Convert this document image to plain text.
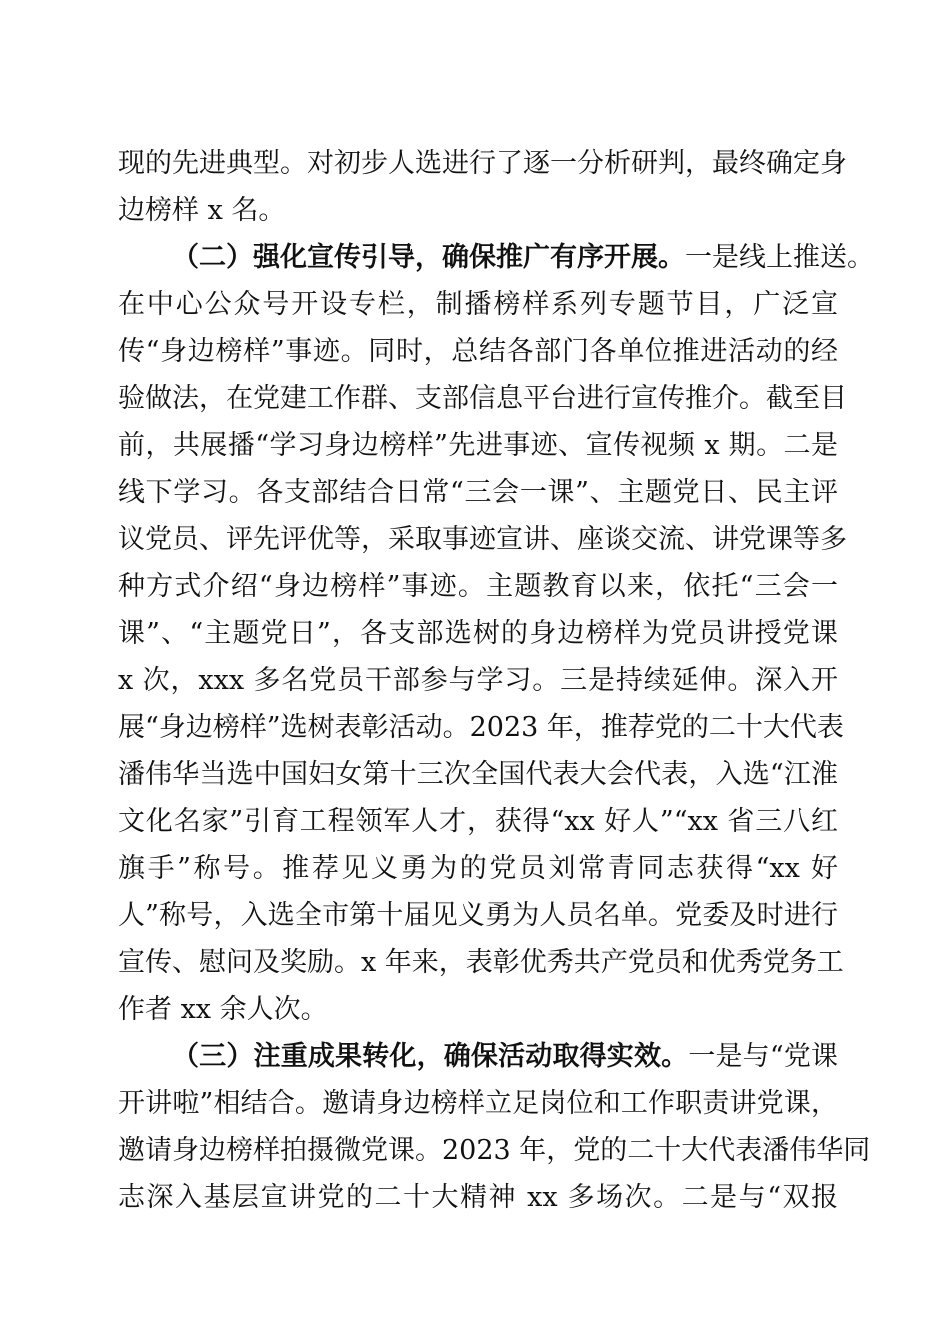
现的先进典型。对初步人选进行了逐一分析研判，最终确定身
边榜样 x 名。
（二）强化宣传引导，确保推广有序开展。一是线上推送。
在中心公众号开设专栏，制播榜样系列专题节目，广泛宣
传“身边榜样”事迹。同时，总结各部门各单位推进活动的经
验做法，在党建工作群、支部信息平台进行宣传推介。截至目
前，共展播“学习身边榜样”先进事迹、宣传视频 x 期。二是
线下学习。各支部结合日常“三会一课”、主题党日、民主评
议党员、评先评优等，采取事迹宣讲、座谈交流、讲党课等多
种方式介绍“身边榜样”事迹。主题教育以来，依托“三会一
课”、“主题党日”，各支部选树的身边榜样为党员讲授党课
x 次，xxx 多名党员干部参与学习。三是持续延伸。深入开
展“身边榜样”选树表彰活动。2023 年，推荐党的二十大代表
潘伟华当选中国妇女第十三次全国代表大会代表，入选“江淮
文化名家”引育工程领军人才，获得“xx 好人”“xx 省三八红
旗手”称号。推荐见义勇为的党员刘常青同志获得“xx 好
人”称号，入选全市第十届见义勇为人员名单。党委及时进行
宣传、慰问及奖励。x 年来，表彰优秀共产党员和优秀党务工
作者 xx 余人次。
（三）注重成果转化，确保活动取得实效。一是与“党课
开讲啦”相结合。邀请身边榜样立足岗位和工作职责讲党课，
邀请身边榜样拍摄微党课。2023 年，党的二十大代表潘伟华同
志深入基层宣讲党的二十大精神 xx 多场次。二是与“双报
